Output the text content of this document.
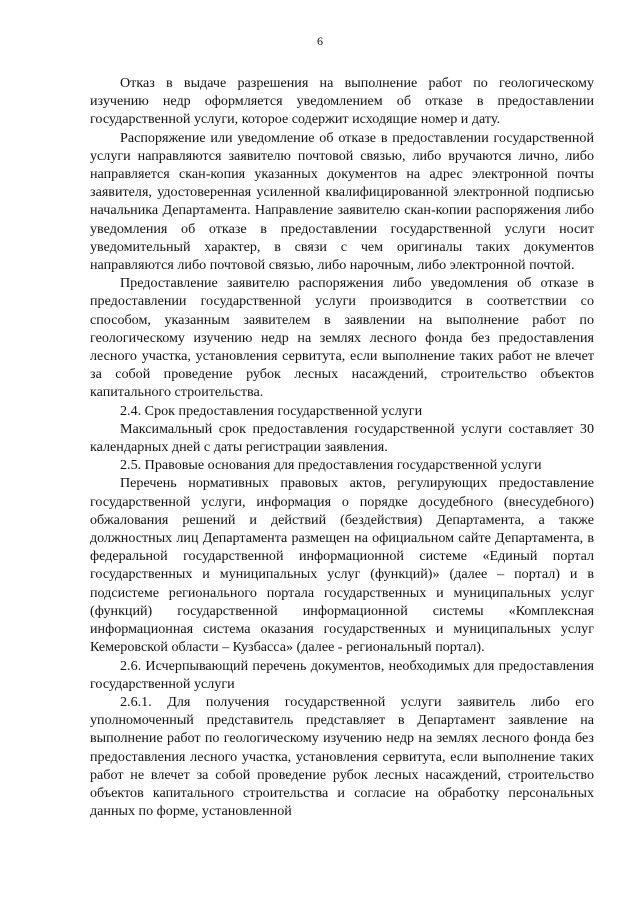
6

Отказ в выдаче разрешения на выполнение работ по геологическому изучению недр оформляется уведомлением об отказе в предоставлении государственной услуги, которое содержит исходящие номер и дату.

Распоряжение или уведомление об отказе в предоставлении государственной услуги направляются заявителю почтовой связью, либо вручаются лично, либо направляется скан-копия указанных документов на адрес электронной почты заявителя, удостоверенная усиленной квалифицированной электронной подписью начальника Департамента. Направление заявителю скан-копии распоряжения либо уведомления об отказе в предоставлении государственной услуги носит уведомительный характер, в связи с чем оригиналы таких документов направляются либо почтовой связью, либо нарочным, либо электронной почтой.

Предоставление заявителю распоряжения либо уведомления об отказе в предоставлении государственной услуги производится в соответствии со способом, указанным заявителем в заявлении на выполнение работ по геологическому изучению недр на землях лесного фонда без предоставления лесного участка, установления сервитута, если выполнение таких работ не влечет за собой проведение рубок лесных насаждений, строительство объектов капитального строительства.

2.4. Срок предоставления государственной услуги

Максимальный срок предоставления государственной услуги составляет 30 календарных дней с даты регистрации заявления.

2.5. Правовые основания для предоставления государственной услуги

Перечень нормативных правовых актов, регулирующих предоставление государственной услуги, информация о порядке досудебного (внесудебного) обжалования решений и действий (бездействия) Департамента, а также должностных лиц Департамента размещен на официальном сайте Департамента, в федеральной государственной информационной системе «Единый портал государственных и муниципальных услуг (функций)» (далее – портал) и в подсистеме регионального портала государственных и муниципальных услуг (функций) государственной информационной системы «Комплексная информационная система оказания государственных и муниципальных услуг Кемеровской области – Кузбасса» (далее - региональный портал).

2.6. Исчерпывающий перечень документов, необходимых для предоставления государственной услуги

2.6.1. Для получения государственной услуги заявитель либо его уполномоченный представитель представляет в Департамент заявление на выполнение работ по геологическому изучению недр на землях лесного фонда без предоставления лесного участка, установления сервитута, если выполнение таких работ не влечет за собой проведение рубок лесных насаждений, строительство объектов капитального строительства и согласие на обработку персональных данных по форме, установленной
